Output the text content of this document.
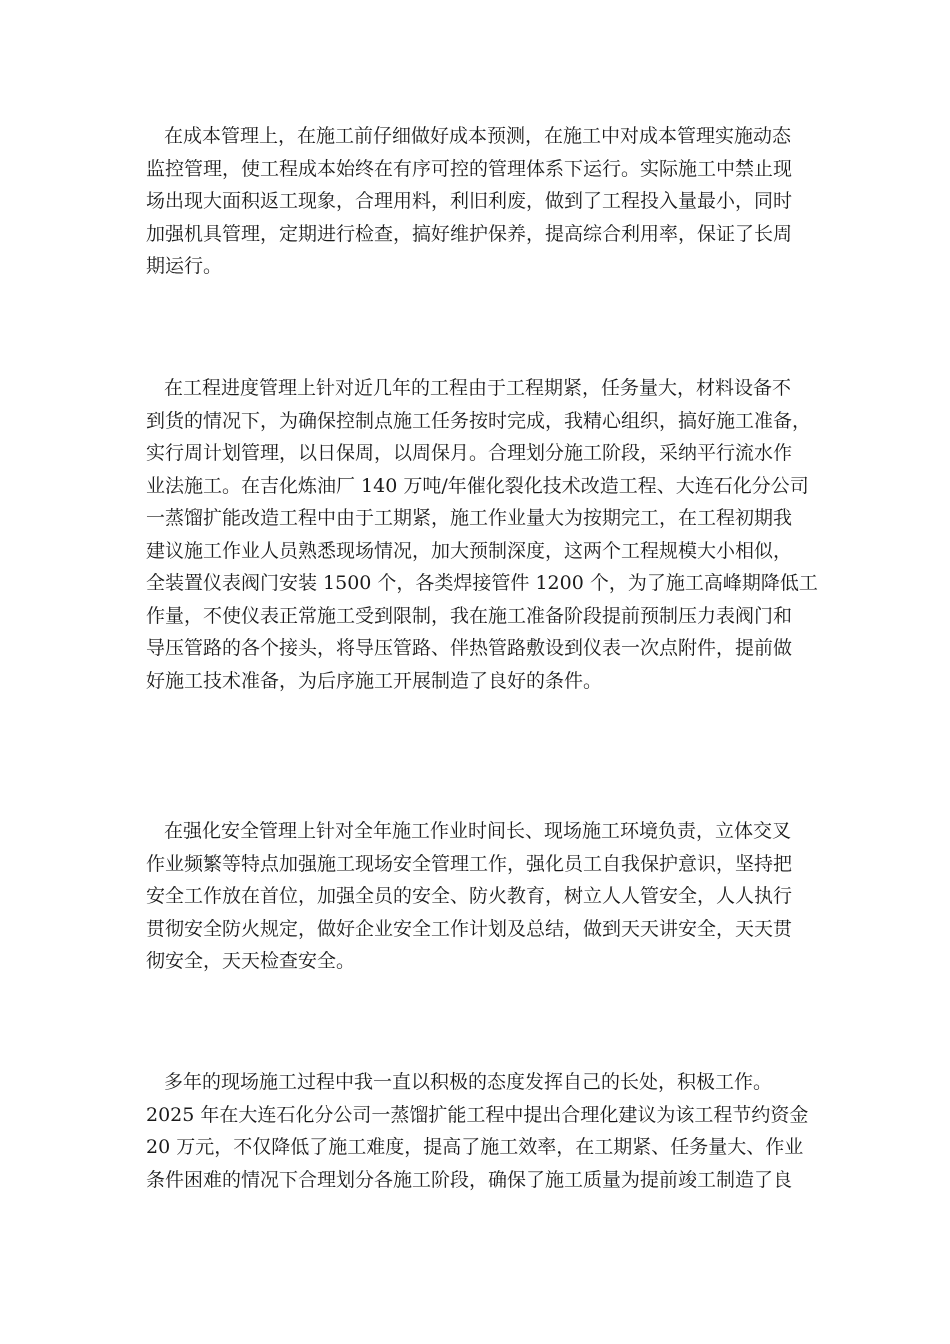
在成本管理上，在施工前仔细做好成本预测，在施工中对成本管理实施动态
监控管理，使工程成本始终在有序可控的管理体系下运行。实际施工中禁止现
场出现大面积返工现象，合理用料，利旧利废，做到了工程投入量最小，同时
加强机具管理，定期进行检查，搞好维护保养，提高综合利用率，保证了长周
期运行。
在工程进度管理上针对近几年的工程由于工程期紧，任务量大，材料设备不
到货的情况下，为确保控制点施工任务按时完成，我精心组织，搞好施工准备，
实行周计划管理，以日保周，以周保月。合理划分施工阶段，采纳平行流水作
业法施工。在吉化炼油厂 140 万吨/年催化裂化技术改造工程、大连石化分公司
一蒸馏扩能改造工程中由于工期紧，施工作业量大为按期完工，在工程初期我
建议施工作业人员熟悉现场情况，加大预制深度，这两个工程规模大小相似，
全装置仪表阀门安装 1500 个，各类焊接管件 1200 个，为了施工高峰期降低工
作量，不使仪表正常施工受到限制，我在施工准备阶段提前预制压力表阀门和
导压管路的各个接头，将导压管路、伴热管路敷设到仪表一次点附件，提前做
好施工技术准备，为后序施工开展制造了良好的条件。
在强化安全管理上针对全年施工作业时间长、现场施工环境负责，立体交叉
作业频繁等特点加强施工现场安全管理工作，强化员工自我保护意识，坚持把
安全工作放在首位，加强全员的安全、防火教育，树立人人管安全，人人执行
贯彻安全防火规定，做好企业安全工作计划及总结，做到天天讲安全，天天贯
彻安全，天天检查安全。
多年的现场施工过程中我一直以积极的态度发挥自己的长处，积极工作。
2025 年在大连石化分公司一蒸馏扩能工程中提出合理化建议为该工程节约资金
20 万元，不仅降低了施工难度，提高了施工效率，在工期紧、任务量大、作业
条件困难的情况下合理划分各施工阶段，确保了施工质量为提前竣工制造了良
